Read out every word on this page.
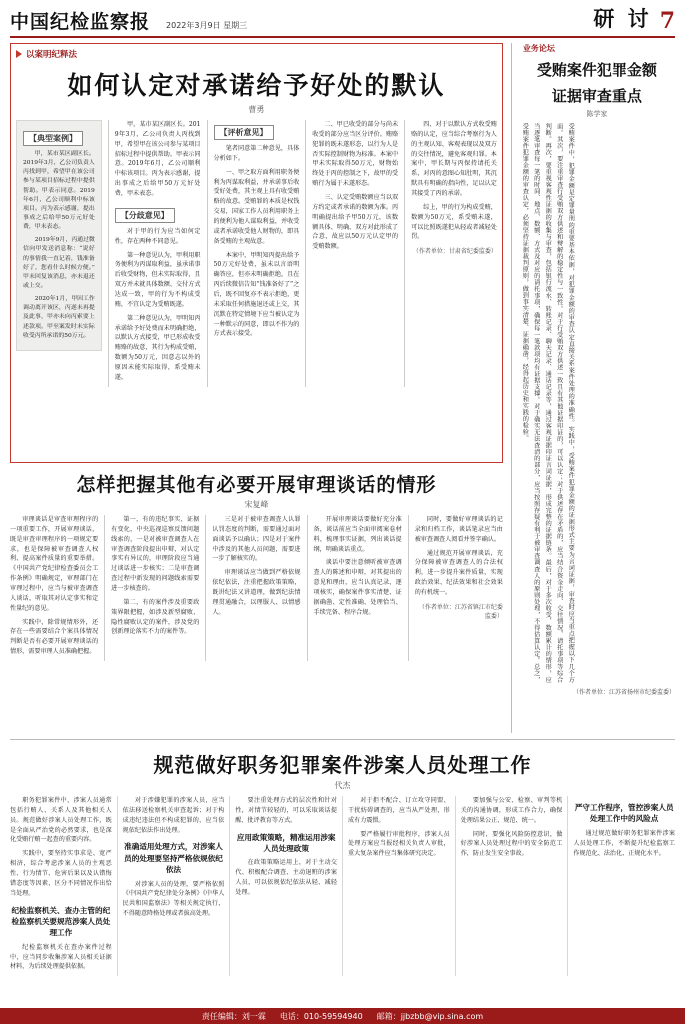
中国纪检监察报 2022年3月9日 星期三	研 讨 7
以案明纪释法
如何认定对承诺给予好处的默认
曹勇
【典型案例】

甲，某市某区副区长。2019年3月，乙公司负责人丙找到甲，希望甲在该公司参与某项目招标过程中提供帮助。甲表示同意。2019年6月，乙公司顺利中标该项目。丙为表示感谢，提出事成之后给甲50万元好处费，甲未表态。

2019年9月，丙通过微信向甲发送消息称：“说好的事情我一直记着，钱准备好了，您看什么时候方便。”甲未回复该消息，亦未退还或上交。

2020年1月，甲因工作调动离开该区，丙遂未再提及此事，甲亦未向丙索要上述款项。甲至案发时未实际收受丙所承诺的50万元。

甲，某市某区副区长。2019年3月，乙公司负责人丙找到甲，希望甲在该公司参与某项目招标过程中提供帮助。甲表示同意。2019年6月，乙公司顺利中标该项目。丙为表示感谢，提出事成之后给甲50万元好处费，甲未表态。

【分歧意见】

对于甲的行为应当如何定性，存在两种不同意见。

第一种意见认为，甲利用职务便利为丙谋取利益，虽承诺事后收受财物，但未实际取得，且双方并未就具体数额、交付方式达成一致，甲的行为不构成受贿，不宜认定为受贿既遂。

第二种意见认为，甲明知丙承诺给予好处费而未明确拒绝，以默认方式接受，甲已形成收受贿赂的故意，其行为构成受贿，数额为50万元，因意志以外的原因未能实际取得，系受贿未遂。

【评析意见】

笔者同意第二种意见，具体分析如下。

一、甲之取方面利用职务便利为丙谋取利益，并承诺事后收受好处费，其主观上具有收受贿赂的故意。受贿罪的本质是权钱交易，国家工作人员利用职务上的便利为他人谋取利益，并收受或者承诺收受他人财物的，即具备受贿的主观故意。

本案中，甲明知丙提出给予50万元好处费，虽未以言语明确答应，但亦未明确拒绝，且在丙后续微信告知“钱准备好了”之后，既不回复亦不表示拒绝，更未采取任何措施退还或上交，其沉默在特定情境下应当被认定为一种默示的同意，即以不作为的方式表示接受。

二、甲已收受的部分与尚未收受的部分应当区分评价。贿赂犯罪的既未遂形态，以行为人是否实际控制财物为标准。本案中甲未实际取得50万元，财物始终处于丙的控制之下，故甲的受贿行为属于未遂形态。

三、认定受贿数额应当以双方约定或者承诺的数额为准。丙明确提出给予甲50万元，该数额具体、明确，双方对此形成了合意，故应以50万元认定甲的受贿数额。

四、对于以默认方式收受贿赂的认定，应当综合考察行为人的主观认知、客观表现以及双方的交往情况，避免客观归罪。本案中，甲长期与丙保持请托关系，对丙的意图心知肚明，其沉默具有明确的指向性，足以认定其接受了丙的承诺。

综上，甲的行为构成受贿，数额为50万元，系受贿未遂，可以比照既遂犯从轻或者减轻处罚。

（作者单位：甘肃省纪委监委）
怎样把握其他有必要开展审理谈话的情形
宋复峰

审理谈话是审查审理程序的一项重要工作，开展审理谈话，既是审查审理程序的一项规定要求，也是保障被审查调查人权利、提高案件质量的重要举措。《中国共产党纪律检查委员会工作条例》明确规定，审理部门在审理过程中，应当与被审查调查人谈话，听取其对认定事实和定性量纪的意见。

实践中，除常规情形外，还存在一些需要结合个案具体情况判断是否有必要开展审理谈话的情形，需要审理人员准确把握。

第一，有的违纪事实、证据有变化，中央巡视巡察反馈问题线索的，一是对被审查调查人在审查调查阶段提出申辩、对认定事实有异议的，审理阶段应当通过谈话进一步核实；二是审查调查过程中新发现的问题线索需要进一步核查的。

第二，有的案件涉及重要政策界限把握，如涉及新型腐败、隐性腐败认定的案件，涉及党的创新理论落实不力的案件等。

三是对于被审查调查人认罪认罚态度的判断，需要通过面对面谈话予以确认；四是对于案件中涉及的其他人员问题，需要进一步了解核实的。

审理谈话应当做到严格依规依纪依法，注重把握政策策略，既讲纪法又讲道理，做到纪法情理贯通融合，以理服人、以情感人。

开展审理谈话要做好充分准备，谈话前应当全面审阅案卷材料，梳理事实证据，列出谈话提纲，明确谈话重点。

谈话中要注意倾听被审查调查人的陈述和申辩，对其提出的意见和理由，应当认真记录、逐项核实，确保案件事实清楚、证据确凿、定性准确、处理恰当、手续完备、程序合规。

同时，要做好审理谈话的记录和归档工作，谈话笔录应当由被审查调查人阅看并签字确认。

通过规范开展审理谈话，充分保障被审查调查人的合法权利，进一步提升案件质量，实现政治效果、纪法效果和社会效果的有机统一。

（作者单位：江苏省镇江市纪委监委）
业务论坛
受贿案件犯罪金额
证据审查重点
陈学家
受贿案件中，犯罪金额是定罪量刑的重要基本依据，对犯罪金额的审查认定直接关系案件处理的准确性。实践中，受贿案件犯罪金额的证据形式主要为言词证据，审查时应当重点把握以下几个方面。其次，要注重审查行受贿双方供述和辩解的稳定性与一致性。对于行受贿双方供述一致且有其他证据印证的，可以认定；对于供述存在矛盾的，应当结合资金走向、交往情况、请托事项等综合判断。再次，要重视客观性证据的收集与审查，包括银行流水、转账记录、聊天记录、通话记录等，通过客观证据印证言词证据，形成完整的证据链条。最后，对于多次收受、数额累计的情形，应当逐笔审查每一笔的时间、地点、数额、方式及对应的请托事项，确保每一笔款项均有证据支撑。对于确实无法查清的部分，应当按照存疑有利于被审查调查人的原则处理，不得估算认定。总之，受贿案件犯罪金额的审查认定，必须坚持证据裁判原则，做到事实清楚、证据确凿，经得起历史和实践的检验。
（作者单位：江苏省扬州市纪委监委）
规范做好职务犯罪案件涉案人员处理工作
代杰

职务犯罪案件中，涉案人员通常包括行贿人、关系人及其他相关人员。规范做好涉案人员处理工作，既是全面从严治党的必然要求，也是深化受贿行贿一起查的重要内容。

实践中，要坚持实事求是、宽严相济，综合考虑涉案人员的主观恶性、行为情节、危害后果以及认错悔错态度等因素，区分不同情况作出恰当处理。

纪检监察机关、查办主管的纪检监察机关要规范涉案人员处理工作

纪检监察机关在查办案件过程中，应当同步收集涉案人员相关证据材料，为后续处理提供依据。

对于涉嫌犯罪的涉案人员，应当依法移送检察机关审查起诉；对于构成违纪违法但不构成犯罪的，应当依规依纪依法作出处理。

准确适用处理方式，对涉案人员的处理要坚持严格依规依纪依法

对涉案人员的处理，要严格依照《中国共产党纪律处分条例》《中华人民共和国监察法》等相关规定执行，不得随意降格处理或者拔高处理。

要注重处理方式的层次性和针对性，对情节较轻的，可以采取谈话提醒、批评教育等方式。

应用政策策略，精准运用涉案人员处理政策

在政策策略运用上，对于主动交代、积极配合调查、主动退赃的涉案人员，可以依规依纪依法从轻、减轻处理。

对于拒不配合、订立攻守同盟、干扰妨碍调查的，应当从严处理，形成有力震慑。

要严格履行审批程序，涉案人员处理方案应当报经相关负责人审批，重大复杂案件应当集体研究决定。

要加强与公安、检察、审判等机关的沟通协调，形成工作合力，确保处理结果公正、规范、统一。

同时，要强化风险防控意识，做好涉案人员处理过程中的安全防范工作，防止发生安全事故。

严守工作程序，管控涉案人员处理工作中的风险点

通过规范做好职务犯罪案件涉案人员处理工作，不断提升纪检监察工作规范化、法治化、正规化水平。

责任编辑：刘一霖 电话：010-59594940 邮箱：jjbzbb@vip.sina.com
